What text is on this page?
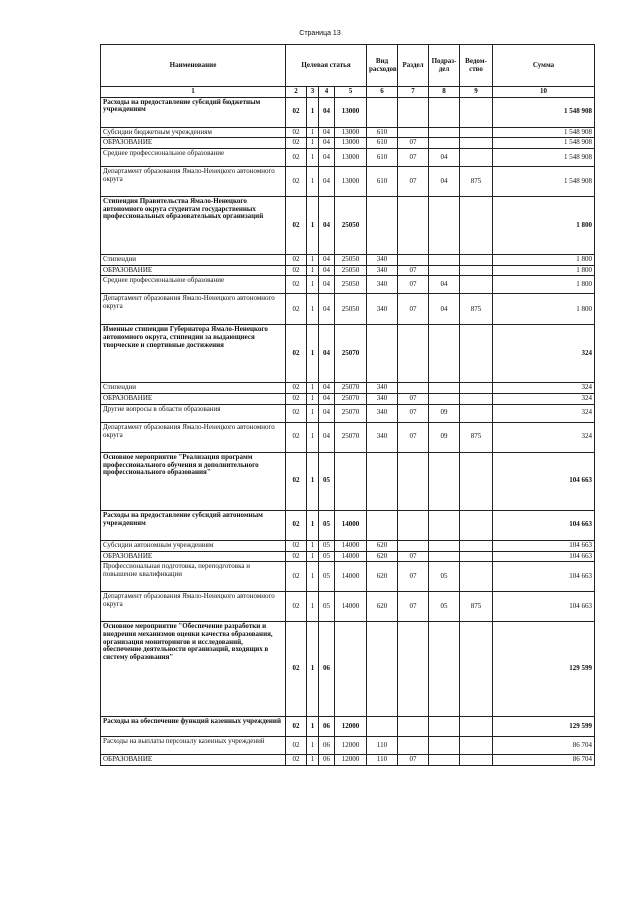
Страница 13
Наименование	Целевая статья				Вид расходов	Раздел	Подраз-дел	Ведом-ство	Сумма
1	2	3	4	5	6	7	8	9	10
Расходы на предоставление субсидий бюджетным учреждениям	02	1	04	13000					1 548 908
Субсидии бюджетным учреждениям	02	1	04	13000	610				1 548 908
ОБРАЗОВАНИЕ	02	1	04	13000	610	07			1 548 908
Среднее профессиональное образование	02	1	04	13000	610	07	04		1 548 908
Департамент образования Ямало-Ненецкого автономного округа	02	1	04	13000	610	07	04	875	1 548 908
Стипендия Правительства Ямало-Ненецкого автономного округа студентам государственных профессиональных образовательных организаций	02	1	04	25050					1 800
Стипендии	02	1	04	25050	340				1 800
ОБРАЗОВАНИЕ	02	1	04	25050	340	07			1 800
Среднее профессиональное образование	02	1	04	25050	340	07	04		1 800
Департамент образования Ямало-Ненецкого автономного округа	02	1	04	25050	340	07	04	875	1 800
Именные стипендии Губернатора Ямало-Ненецкого автономного округа, стипендии за выдающиеся творческие и спортивные достижения	02	1	04	25070					324
Стипендии	02	1	04	25070	340				324
ОБРАЗОВАНИЕ	02	1	04	25070	340	07			324
Другие вопросы в области образования	02	1	04	25070	340	07	09		324
Департамент образования Ямало-Ненецкого автономного округа	02	1	04	25070	340	07	09	875	324
Основное мероприятие "Реализация программ профессионального обучения и дополнительного профессионального образования"	02	1	05						104 663
Расходы на предоставление субсидий автономным учреждениям	02	1	05	14000					104 663
Субсидии автономным учреждениям	02	1	05	14000	620				104 663
ОБРАЗОВАНИЕ	02	1	05	14000	620	07			104 663
Профессиональная подготовка, переподготовка и повышение квалификации	02	1	05	14000	620	07	05		104 663
Департамент образования Ямало-Ненецкого автономного округа	02	1	05	14000	620	07	05	875	104 663
Основное мероприятие "Обеспечение разработки и внедрения механизмов оценки качества образования, организация мониторингов и исследований, обеспечение деятельности организаций, входящих в систему образования"	02	1	06						129 599
Расходы на обеспечение функций казенных учреждений	02	1	06	12000					129 599
Расходы на выплаты персоналу казенных учреждений	02	1	06	12000	110				86 704
ОБРАЗОВАНИЕ	02	1	06	12000	110	07			86 704
